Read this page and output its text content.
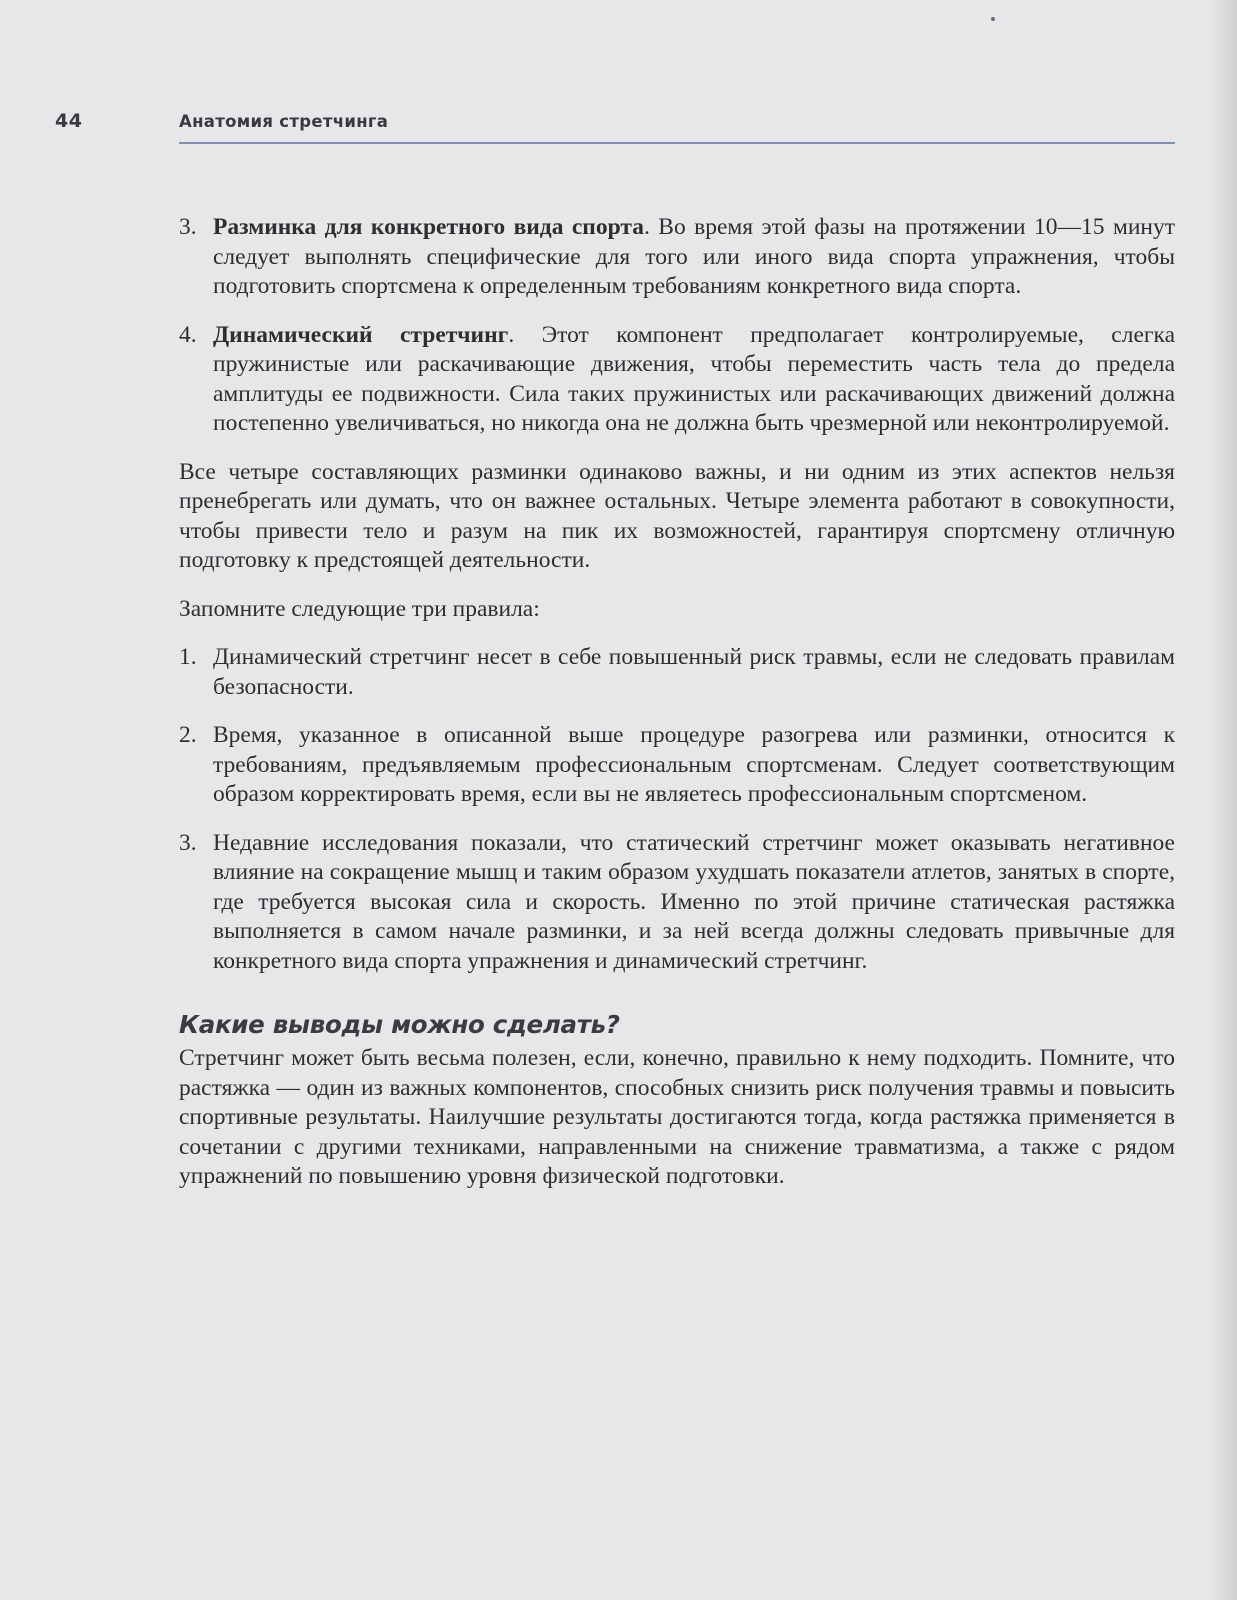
44	Анатомия стретчинга
3. Разминка для конкретного вида спорта. Во время этой фазы на протяжении 10—15 минут следует выполнять специфические для того или иного вида спорта упражнения, чтобы подготовить спортсмена к определенным требованиям конкретного вида спорта.
4. Динамический стретчинг. Этот компонент предполагает контролируемые, слегка пружинистые или раскачивающие движения, чтобы переместить часть тела до предела амплитуды ее подвижности. Сила таких пружинистых или раскачивающих движений должна постепенно увеличиваться, но никогда она не должна быть чрезмерной или неконтролируемой.

Все четыре составляющих разминки одинаково важны, и ни одним из этих аспектов нельзя пренебрегать или думать, что он важнее остальных. Четыре элемента работают в совокупности, чтобы привести тело и разум на пик их возможностей, гарантируя спортсмену отличную подготовку к предстоящей деятельности.

Запомните следующие три правила:

1. Динамический стретчинг несет в себе повышенный риск травмы, если не следовать правилам безопасности.
2. Время, указанное в описанной выше процедуре разогрева или разминки, относится к требованиям, предъявляемым профессиональным спортсменам. Следует соответствующим образом корректировать время, если вы не являетесь профессиональным спортсменом.
3. Недавние исследования показали, что статический стретчинг может оказывать негативное влияние на сокращение мышц и таким образом ухудшать показатели атлетов, занятых в спорте, где требуется высокая сила и скорость. Именно по этой причине статическая растяжка выполняется в самом начале разминки, и за ней всегда должны следовать привычные для конкретного вида спорта упражнения и динамический стретчинг.
Какие выводы можно сделать?

Стретчинг может быть весьма полезен, если, конечно, правильно к нему подходить. Помните, что растяжка — один из важных компонентов, способных снизить риск получения травмы и повысить спортивные результаты. Наилучшие результаты достигаются тогда, когда растяжка применяется в сочетании с другими техниками, направленными на снижение травматизма, а также с рядом упражнений по повышению уровня физической подготовки.
